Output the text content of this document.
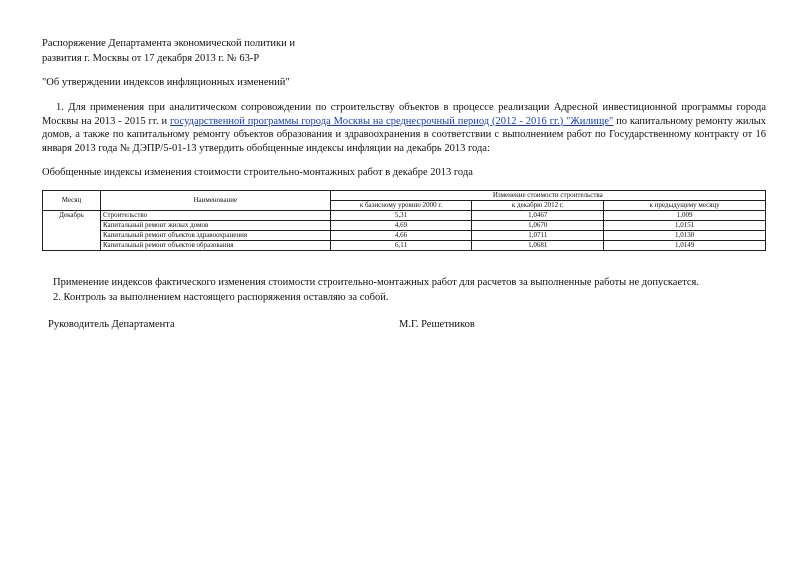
Распоряжение Департамента экономической политики и
развития г. Москвы от 17 декабря 2013 г. № 63-Р
"Об утверждении индексов инфляционных изменений"
1. Для применения при аналитическом сопровождении по строительству объектов в процессе реализации Адресной инвестиционной программы города Москвы на 2013 - 2015 гг. и государственной программы города Москвы на среднесрочный период (2012 - 2016 гг.) "Жилище" по капитальному ремонту жилых домов, а также по капитальному ремонту объектов образования и здравоохранения в соответствии с выполнением работ по Государственному контракту от 16 января 2013 года № ДЭПР/5-01-13 утвердить обобщенные индексы инфляции на декабрь 2013 года:
Обобщенные индексы изменения стоимости строительно-монтажных работ в декабре 2013 года
Месяц	Наименование	Изменение стоимости строительства		
		к базисному уровню 2000 г.	к декабрю 2012 г.	к предыдущему месяцу
Декабрь	Строительство	5,31	1,0467	1,009
	Капитальный ремонт жилых домов	4,69	1,0670	1,0151
	Капитальный ремонт объектов здравоохранения	4,66	1,0711	1,0130
	Капитальный ремонт объектов образования	6,11	1,0681	1,0149
Применение индексов фактического изменения стоимости строительно-монтажных работ для расчетов за выполненные работы не допускается.
2. Контроль за выполнением настоящего распоряжения оставляю за собой.
Руководитель Департамента	М.Г. Решетников
